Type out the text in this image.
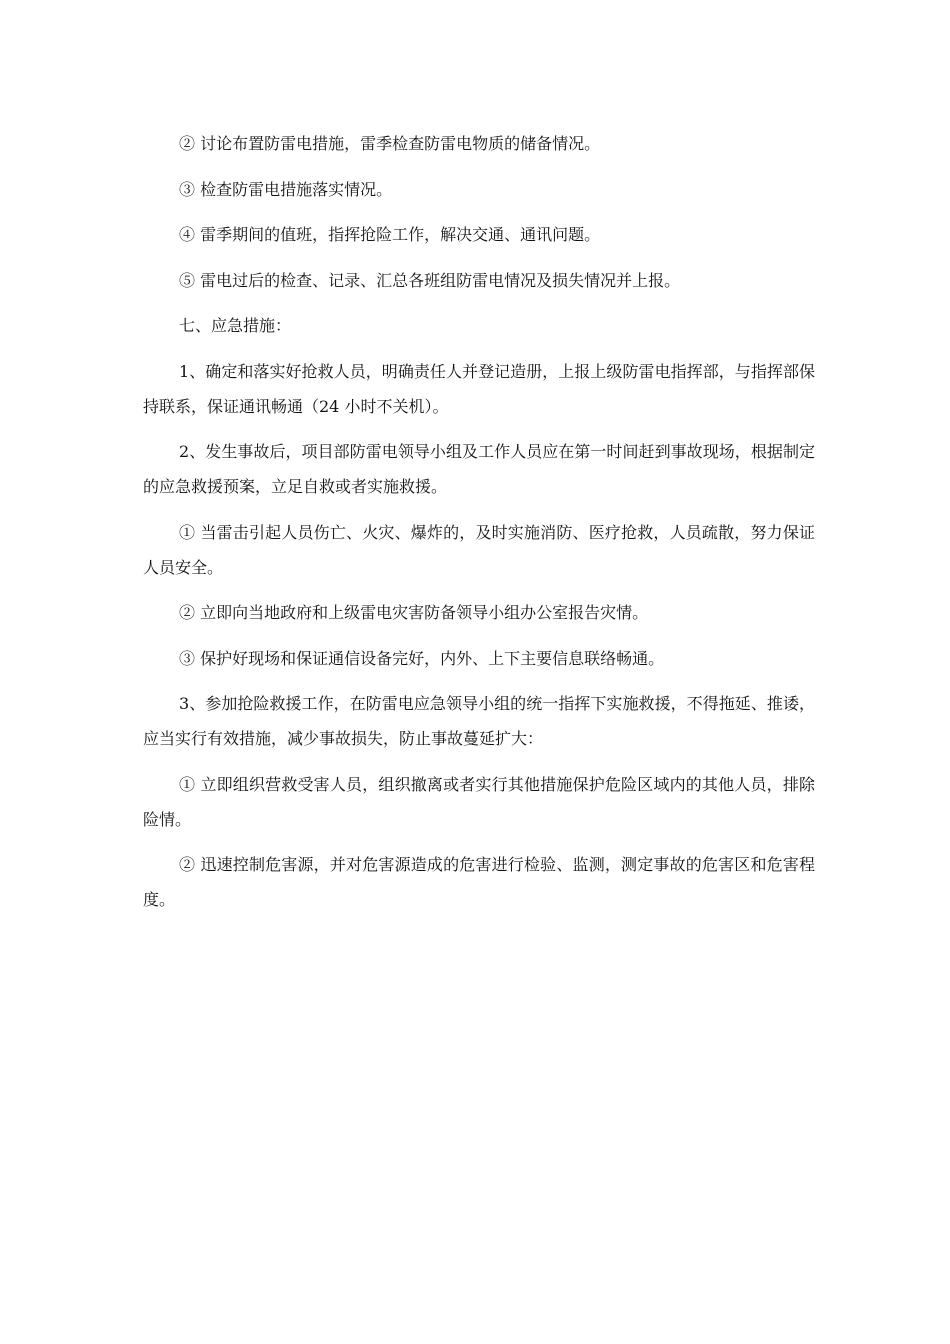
② 讨论布置防雷电措施，雷季检查防雷电物质的储备情况。

③ 检查防雷电措施落实情况。

④ 雷季期间的值班，指挥抢险工作，解决交通、通讯问题。

⑤ 雷电过后的检查、记录、汇总各班组防雷电情况及损失情况并上报。

七、应急措施：

1、确定和落实好抢救人员，明确责任人并登记造册，上报上级防雷电指挥部，与指挥部保持联系，保证通讯畅通（24 小时不关机）。

2、发生事故后，项目部防雷电领导小组及工作人员应在第一时间赶到事故现场，根据制定的应急救援预案，立足自救或者实施救援。

① 当雷击引起人员伤亡、火灾、爆炸的，及时实施消防、医疗抢救，人员疏散，努力保证人员安全。

② 立即向当地政府和上级雷电灾害防备领导小组办公室报告灾情。

③ 保护好现场和保证通信设备完好，内外、上下主要信息联络畅通。

3、参加抢险救援工作，在防雷电应急领导小组的统一指挥下实施救援，不得拖延、推诿，应当实行有效措施，减少事故损失，防止事故蔓延扩大：

① 立即组织营救受害人员，组织撤离或者实行其他措施保护危险区域内的其他人员，排除险情。

② 迅速控制危害源，并对危害源造成的危害进行检验、监测，测定事故的危害区和危害程度。
